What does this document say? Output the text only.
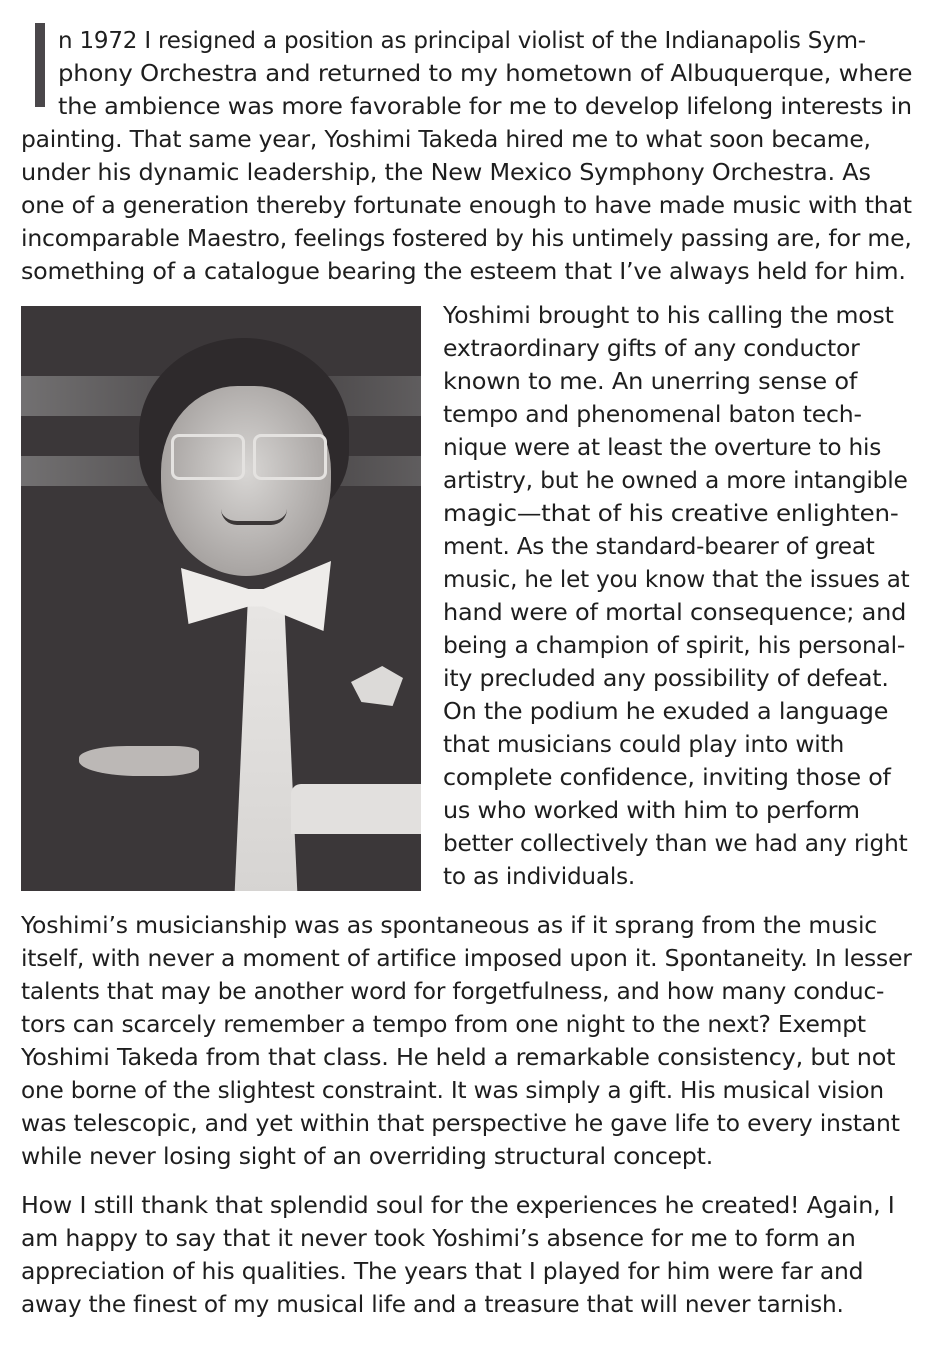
n 1972 I resigned a position as principal violist of the Indianapolis Sym-
phony Orchestra and returned to my hometown of Albuquerque, where
the ambience was more favorable for me to develop lifelong interests in
painting. That same year, Yoshimi Takeda hired me to what soon became,
under his dynamic leadership, the New Mexico Symphony Orchestra. As
one of a generation thereby fortunate enough to have made music with that
incomparable Maestro, feelings fostered by his untimely passing are, for me,
something of a catalogue bearing the esteem that I’ve always held for him.
Yoshimi brought to his calling the most
extraordinary gifts of any conductor
known to me. An unerring sense of
tempo and phenomenal baton tech-
nique were at least the overture to his
artistry, but he owned a more intangible
magic—that of his creative enlighten-
ment. As the standard-bearer of great
music, he let you know that the issues at
hand were of mortal consequence; and
being a champion of spirit, his personal-
ity precluded any possibility of defeat.
On the podium he exuded a language
that musicians could play into with
complete confidence, inviting those of
us who worked with him to perform
better collectively than we had any right
to as individuals.
Yoshimi’s musicianship was as spontaneous as if it sprang from the music
itself, with never a moment of artifice imposed upon it. Spontaneity. In lesser
talents that may be another word for forgetfulness, and how many conduc-
tors can scarcely remember a tempo from one night to the next? Exempt
Yoshimi Takeda from that class. He held a remarkable consistency, but not
one borne of the slightest constraint. It was simply a gift. His musical vision
was telescopic, and yet within that perspective he gave life to every instant
while never losing sight of an overriding structural concept.
How I still thank that splendid soul for the experiences he created! Again, I
am happy to say that it never took Yoshimi’s absence for me to form an
appreciation of his qualities. The years that I played for him were far and
away the finest of my musical life and a treasure that will never tarnish.
